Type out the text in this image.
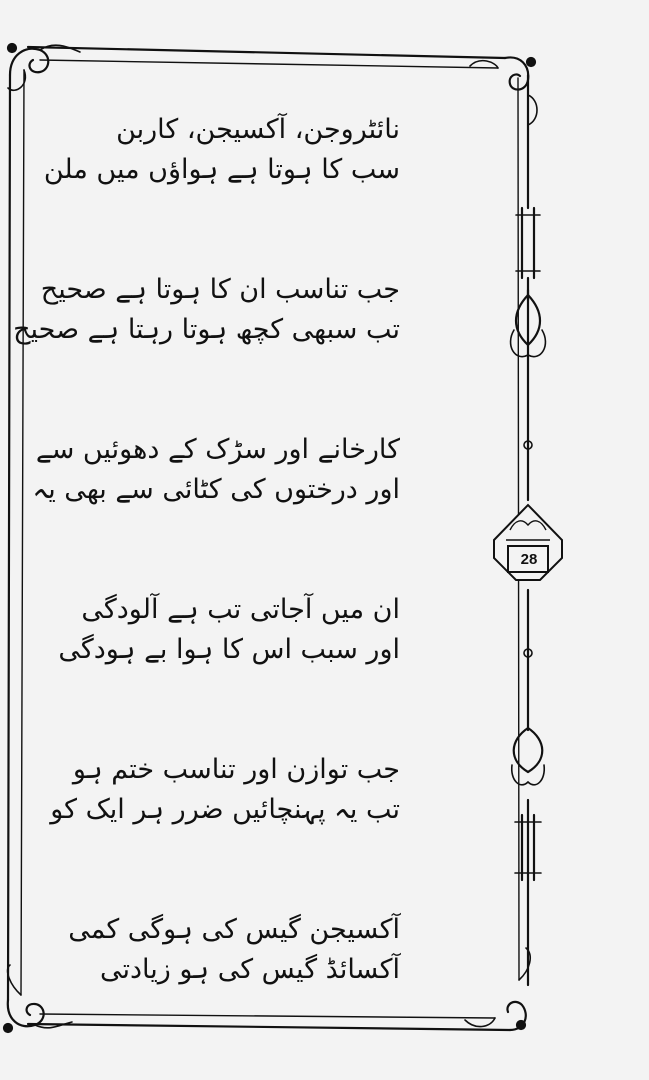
نائٹروجن، آکسیجن، کاربن
سب کا ہوتا ہے ہواؤں میں ملن

جب تناسب ان کا ہوتا ہے صحیح
تب سبھی کچھ ہوتا رہتا ہے صحیح

کارخانے اور سڑک کے دھوئیں سے
اور درختوں کی کٹائی سے بھی یہ

ان میں آجاتی تب ہے آلودگی
اور سبب اس کا ہوا بے ہودگی

جب توازن اور تناسب ختم ہو
تب یہ پہنچائیں ضرر ہر ایک کو

آکسیجن گیس کی ہوگی کمی
آکسائڈ گیس کی ہو زیادتی

28
